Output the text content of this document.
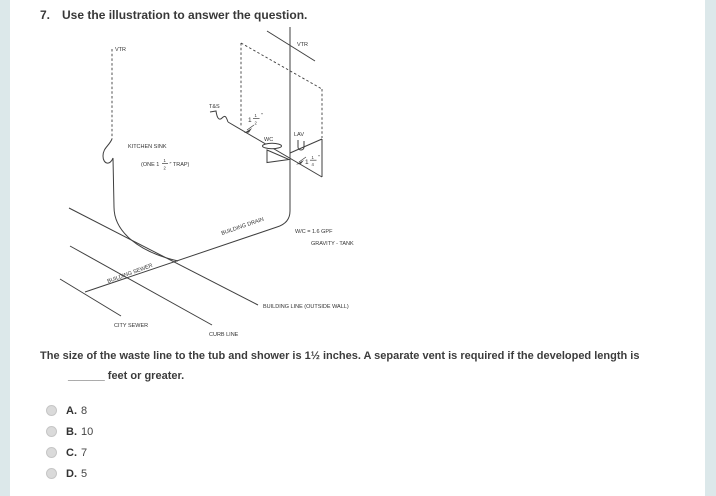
7. Use the illustration to answer the question.
VTR
VTR
T&S
WC
LAV
KITCHEN SINK
(ONE 1
1
2 ″ TRAP)
1
1
2
″
1
1
4
″
BUILDING DRAIN
BUILDING SEWER
BUILDING LINE (OUTSIDE WALL)
CURB LINE
CITY SEWER
W/C = 1.6 GPF
GRAVITY - TANK
The size of the waste line to the tub and shower is 1½ inches. A separate vent is required if the developed length is
______ feet or greater.
A. 8
B. 10
C. 7
D. 5
